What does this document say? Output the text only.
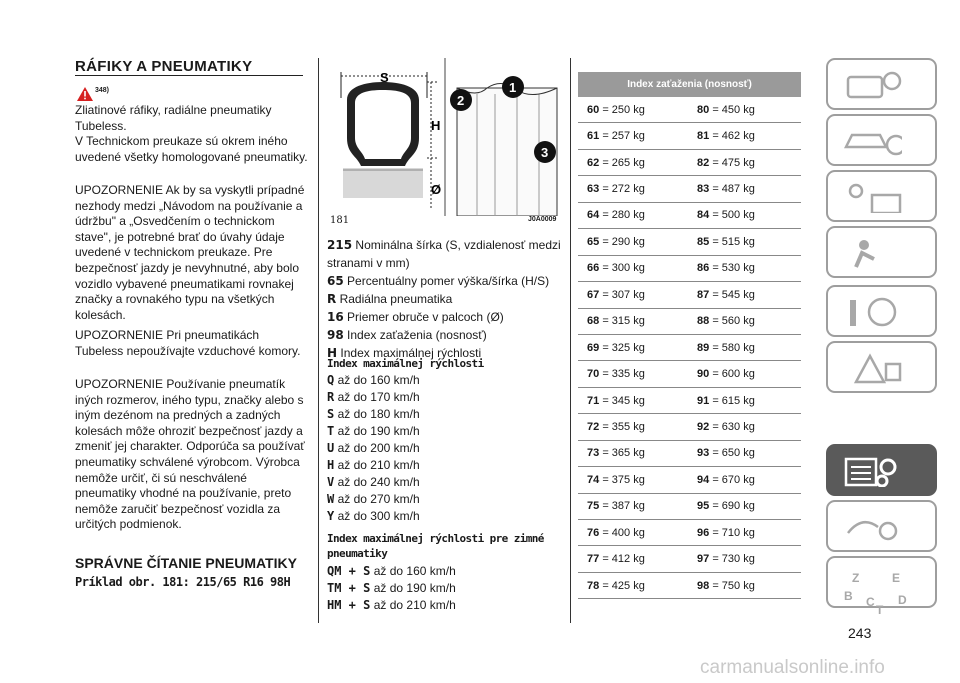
RÁFIKY A PNEUMATIKY
348)

Zliatinové ráfiky, radiálne pneumatiky Tubeless.

V Technickom preukaze sú okrem iného uvedené všetky homologované pneumatiky.

UPOZORNENIE Ak by sa vyskytli prípadné nezhody medzi „Návodom na používanie a údržbu" a „Osvedčením o technickom stave", je potrebné brať do úvahy údaje uvedené v technickom preukaze. Pre bezpečnosť jazdy je nevyhnutné, aby bolo vozidlo vybavené pneumatikami rovnakej značky a rovnakého typu na všetkých kolesách.

UPOZORNENIE Pri pneumatikách Tubeless nepoužívajte vzduchové komory.

UPOZORNENIE Používanie pneumatík iných rozmerov, iného typu, značky alebo s iným dezénom na predných a zadných kolesách môže ohroziť bezpečnosť jazdy a zmeniť jej charakter. Odporúča sa používať pneumatiky schválené výrobcom. Výrobca nemôže určiť, či sú neschválené pneumatiky vhodné na používanie, preto nemôže zaručiť bezpečnosť vozidla za určitých podmienok.

SPRÁVNE ČÍTANIE PNEUMATIKY
Príklad obr. 181: 215/65 R16 98H
S
H
Ø
1
2
3
181	J0A0009
215 Nominálna šírka (S, vzdialenosť medzi stranami v mm)
65 Percentuálny pomer výška/šírka (H/S)
R Radiálna pneumatika
16 Priemer obruče v palcoch (Ø)
98 Index zaťaženia (nosnosť)
H Index maximálnej rýchlosti
Index maximálnej rýchlosti
Q až do 160 km/h
R až do 170 km/h
S až do 180 km/h
T až do 190 km/h
U až do 200 km/h
H až do 210 km/h
V až do 240 km/h
W až do 270 km/h
Y až do 300 km/h
Index maximálnej rýchlosti pre zimné pneumatiky
QM + S až do 160 km/h
TM + S až do 190 km/h
HM + S až do 210 km/h
Index zaťaženia (nosnosť)
60 = 250 kg	80 = 450 kg
61 = 257 kg	81 = 462 kg
62 = 265 kg	82 = 475 kg
63 = 272 kg	83 = 487 kg
64 = 280 kg	84 = 500 kg
65 = 290 kg	85 = 515 kg
66 = 300 kg	86 = 530 kg
67 = 307 kg	87 = 545 kg
68 = 315 kg	88 = 560 kg
69 = 325 kg	89 = 580 kg
70 = 335 kg	90 = 600 kg
71 = 345 kg	91 = 615 kg
72 = 355 kg	92 = 630 kg
73 = 365 kg	93 = 650 kg
74 = 375 kg	94 = 670 kg
75 = 387 kg	95 = 690 kg
76 = 400 kg	96 = 710 kg
77 = 412 kg	97 = 730 kg
78 = 425 kg	98 = 750 kg
Z	E
B C
T
D
243
carmanualsonline.info
